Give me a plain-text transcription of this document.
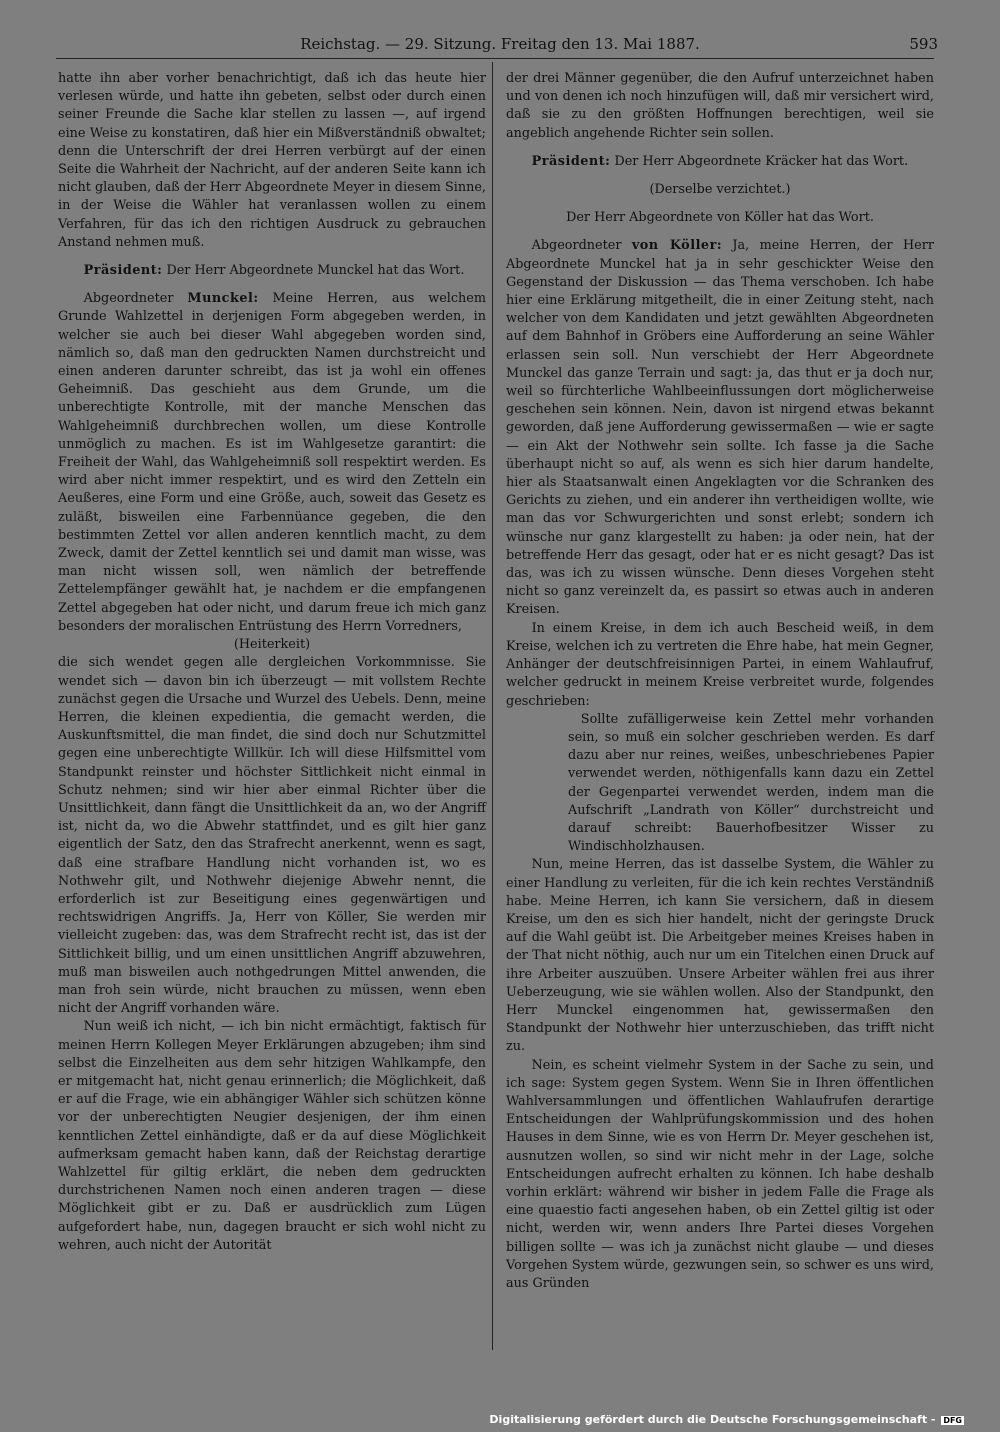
Reichstag. — 29. Sitzung. Freitag den 13. Mai 1887.	593

hatte ihn aber vorher benachrichtigt, daß ich das heute hier verlesen würde, und hatte ihn gebeten, selbst oder durch einen seiner Freunde die Sache klar stellen zu lassen —, auf irgend eine Weise zu konstatiren, daß hier ein Mißverständniß obwaltet; denn die Unterschrift der drei Herren verbürgt auf der einen Seite die Wahrheit der Nachricht, auf der anderen Seite kann ich nicht glauben, daß der Herr Abgeordnete Meyer in diesem Sinne, in der Weise die Wähler hat veranlassen wollen zu einem Verfahren, für das ich den richtigen Ausdruck zu gebrauchen Anstand nehmen muß.

Präsident: Der Herr Abgeordnete Munckel hat das Wort.

Abgeordneter Munckel: Meine Herren, aus welchem Grunde Wahlzettel in derjenigen Form abgegeben werden, in welcher sie auch bei dieser Wahl abgegeben worden sind, nämlich so, daß man den gedruckten Namen durchstreicht und einen anderen darunter schreibt, das ist ja wohl ein offenes Geheimniß. Das geschieht aus dem Grunde, um die unberechtigte Kontrolle, mit der manche Menschen das Wahlgeheimniß durchbrechen wollen, um diese Kontrolle unmöglich zu machen. Es ist im Wahlgesetze garantirt: die Freiheit der Wahl, das Wahlgeheimniß soll respektirt werden. Es wird aber nicht immer respektirt, und es wird den Zetteln ein Aeußeres, eine Form und eine Größe, auch, soweit das Gesetz es zuläßt, bisweilen eine Farbennüance gegeben, die den bestimmten Zettel vor allen anderen kenntlich macht, zu dem Zweck, damit der Zettel kenntlich sei und damit man wisse, was man nicht wissen soll, wen nämlich der betreffende Zettelempfänger gewählt hat, je nachdem er die empfangenen Zettel abgegeben hat oder nicht, und darum freue ich mich ganz besonders der moralischen Entrüstung des Herrn Vorredners,

(Heiterkeit)

die sich wendet gegen alle dergleichen Vorkommnisse. Sie wendet sich — davon bin ich überzeugt — mit vollstem Rechte zunächst gegen die Ursache und Wurzel des Uebels. Denn, meine Herren, die kleinen expedientia, die gemacht werden, die Auskunftsmittel, die man findet, die sind doch nur Schutzmittel gegen eine unberechtigte Willkür. Ich will diese Hilfsmittel vom Standpunkt reinster und höchster Sittlichkeit nicht einmal in Schutz nehmen; sind wir hier aber einmal Richter über die Unsittlichkeit, dann fängt die Unsittlichkeit da an, wo der Angriff ist, nicht da, wo die Abwehr stattfindet, und es gilt hier ganz eigentlich der Satz, den das Strafrecht anerkennt, wenn es sagt, daß eine strafbare Handlung nicht vorhanden ist, wo es Nothwehr gilt, und Nothwehr diejenige Abwehr nennt, die erforderlich ist zur Beseitigung eines gegenwärtigen und rechtswidrigen Angriffs. Ja, Herr von Köller, Sie werden mir vielleicht zugeben: das, was dem Strafrecht recht ist, das ist der Sittlichkeit billig, und um einen unsittlichen Angriff abzuwehren, muß man bisweilen auch nothgedrungen Mittel anwenden, die man froh sein würde, nicht brauchen zu müssen, wenn eben nicht der Angriff vorhanden wäre.

Nun weiß ich nicht, — ich bin nicht ermächtigt, faktisch für meinen Herrn Kollegen Meyer Erklärungen abzugeben; ihm sind selbst die Einzelheiten aus dem sehr hitzigen Wahlkampfe, den er mitgemacht hat, nicht genau erinnerlich; die Möglichkeit, daß er auf die Frage, wie ein abhängiger Wähler sich schützen könne vor der unberechtigten Neugier desjenigen, der ihm einen kenntlichen Zettel einhändigte, daß er da auf diese Möglichkeit aufmerksam gemacht haben kann, daß der Reichstag derartige Wahlzettel für giltig erklärt, die neben dem gedruckten durchstrichenen Namen noch einen anderen tragen — diese Möglichkeit gibt er zu. Daß er ausdrücklich zum Lügen aufgefordert habe, nun, dagegen braucht er sich wohl nicht zu wehren, auch nicht der Autorität

der drei Männer gegenüber, die den Aufruf unterzeichnet haben und von denen ich noch hinzufügen will, daß mir versichert wird, daß sie zu den größten Hoffnungen berechtigen, weil sie angeblich angehende Richter sein sollen.

Präsident: Der Herr Abgeordnete Kräcker hat das Wort.

(Derselbe verzichtet.)

Der Herr Abgeordnete von Köller hat das Wort.

Abgeordneter von Köller: Ja, meine Herren, der Herr Abgeordnete Munckel hat ja in sehr geschickter Weise den Gegenstand der Diskussion — das Thema verschoben. Ich habe hier eine Erklärung mitgetheilt, die in einer Zeitung steht, nach welcher von dem Kandidaten und jetzt gewählten Abgeordneten auf dem Bahnhof in Gröbers eine Aufforderung an seine Wähler erlassen sein soll. Nun verschiebt der Herr Abgeordnete Munckel das ganze Terrain und sagt: ja, das thut er ja doch nur, weil so fürchterliche Wahlbeeinflussungen dort möglicherweise geschehen sein können. Nein, davon ist nirgend etwas bekannt geworden, daß jene Aufforderung gewissermaßen — wie er sagte — ein Akt der Nothwehr sein sollte. Ich fasse ja die Sache überhaupt nicht so auf, als wenn es sich hier darum handelte, hier als Staatsanwalt einen Angeklagten vor die Schranken des Gerichts zu ziehen, und ein anderer ihn vertheidigen wollte, wie man das vor Schwurgerichten und sonst erlebt; sondern ich wünsche nur ganz klargestellt zu haben: ja oder nein, hat der betreffende Herr das gesagt, oder hat er es nicht gesagt? Das ist das, was ich zu wissen wünsche. Denn dieses Vorgehen steht nicht so ganz vereinzelt da, es passirt so etwas auch in anderen Kreisen.

In einem Kreise, in dem ich auch Bescheid weiß, in dem Kreise, welchen ich zu vertreten die Ehre habe, hat mein Gegner, Anhänger der deutschfreisinnigen Partei, in einem Wahlaufruf, welcher gedruckt in meinem Kreise verbreitet wurde, folgendes geschrieben:

Sollte zufälligerweise kein Zettel mehr vorhanden sein, so muß ein solcher geschrieben werden. Es darf dazu aber nur reines, weißes, unbeschriebenes Papier verwendet werden, nöthigenfalls kann dazu ein Zettel der Gegenpartei verwendet werden, indem man die Aufschrift „Landrath von Köller“ durchstreicht und darauf schreibt: Bauerhofbesitzer Wisser zu Windischholzhausen.

Nun, meine Herren, das ist dasselbe System, die Wähler zu einer Handlung zu verleiten, für die ich kein rechtes Verständniß habe. Meine Herren, ich kann Sie versichern, daß in diesem Kreise, um den es sich hier handelt, nicht der geringste Druck auf die Wahl geübt ist. Die Arbeitgeber meines Kreises haben in der That nicht nöthig, auch nur um ein Titelchen einen Druck auf ihre Arbeiter auszuüben. Unsere Arbeiter wählen frei aus ihrer Ueberzeugung, wie sie wählen wollen. Also der Standpunkt, den Herr Munckel eingenommen hat, gewissermaßen den Standpunkt der Nothwehr hier unterzuschieben, das trifft nicht zu.

Nein, es scheint vielmehr System in der Sache zu sein, und ich sage: System gegen System. Wenn Sie in Ihren öffentlichen Wahlversammlungen und öffentlichen Wahlaufrufen derartige Entscheidungen der Wahlprüfungskommission und des hohen Hauses in dem Sinne, wie es von Herrn Dr. Meyer geschehen ist, ausnutzen wollen, so sind wir nicht mehr in der Lage, solche Entscheidungen aufrecht erhalten zu können. Ich habe deshalb vorhin erklärt: während wir bisher in jedem Falle die Frage als eine quaestio facti angesehen haben, ob ein Zettel giltig ist oder nicht, werden wir, wenn anders Ihre Partei dieses Vorgehen billigen sollte — was ich ja zunächst nicht glaube — und dieses Vorgehen System würde, gezwungen sein, so schwer es uns wird, aus Gründen

Digitalisierung gefördert durch die Deutsche Forschungsgemeinschaft - DFG
